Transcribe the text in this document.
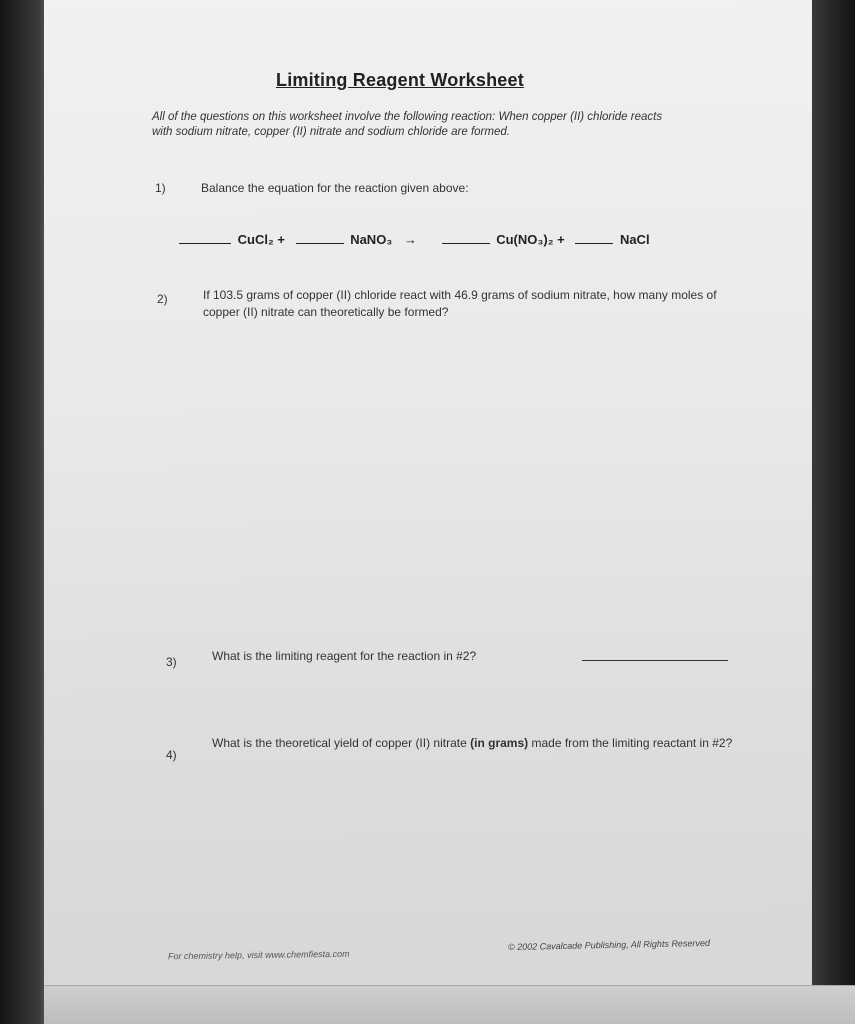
Limiting Reagent Worksheet
All of the questions on this worksheet involve the following reaction: When copper (II) chloride reacts with sodium nitrate, copper (II) nitrate and sodium chloride are formed.
1)	Balance the equation for the reaction given above:
CuCl₂ +	NaNO₃ →	Cu(NO₃)₂ +	NaCl
2)	If 103.5 grams of copper (II) chloride react with 46.9 grams of sodium nitrate, how many moles of copper (II) nitrate can theoretically be formed?
3)	What is the limiting reagent for the reaction in #2?
4)
What is the theoretical yield of copper (II) nitrate (in grams) made from the limiting reactant in #2?
For chemistry help, visit www.chemfiesta.com
© 2002 Cavalcade Publishing, All Rights Reserved
